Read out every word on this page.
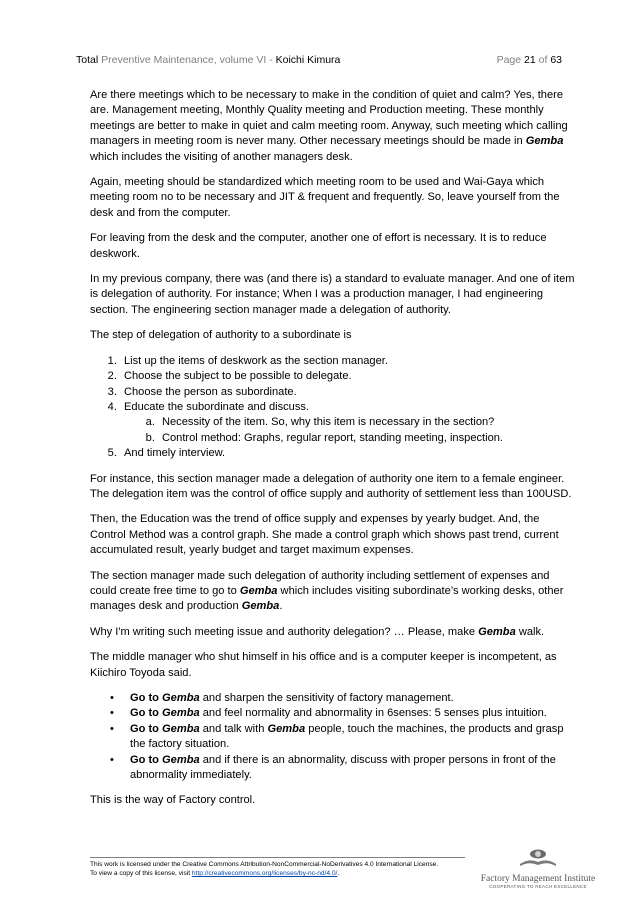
Total Preventive Maintenance, volume VI - Koichi Kimura	Page 21 of 63

Are there meetings which to be necessary to make in the condition of quiet and calm? Yes, there are. Management meeting, Monthly Quality meeting and Production meeting. These monthly meetings are better to make in quiet and calm meeting room. Anyway, such meeting which calling managers in meeting room is never many. Other necessary meetings should be made in Gemba which includes the visiting of another managers desk.

Again, meeting should be standardized which meeting room to be used and Wai-Gaya which meeting room no to be necessary and JIT & frequent and frequently. So, leave yourself from the desk and from the computer.

For leaving from the desk and the computer, another one of effort is necessary. It is to reduce deskwork.

In my previous company, there was (and there is) a standard to evaluate manager. And one of item is delegation of authority. For instance; When I was a production manager, I had engineering section. The engineering section manager made a delegation of authority.

The step of delegation of authority to a subordinate is

1. List up the items of deskwork as the section manager.
2. Choose the subject to be possible to delegate.
3. Choose the person as subordinate.
4. Educate the subordinate and discuss.
a. Necessity of the item. So, why this item is necessary in the section?
b. Control method: Graphs, regular report, standing meeting, inspection.
5. And timely interview.

For instance, this section manager made a delegation of authority one item to a female engineer. The delegation item was the control of office supply and authority of settlement less than 100USD.

Then, the Education was the trend of office supply and expenses by yearly budget. And, the Control Method was a control graph. She made a control graph which shows past trend, current accumulated result, yearly budget and target maximum expenses.

The section manager made such delegation of authority including settlement of expenses and could create free time to go to Gemba which includes visiting subordinate’s working desks, other manages desk and production Gemba.

Why I'm writing such meeting issue and authority delegation? … Please, make Gemba walk.

The middle manager who shut himself in his office and is a computer keeper is incompetent, as Kiichiro Toyoda said.

• Go to Gemba and sharpen the sensitivity of factory management.
• Go to Gemba and feel normality and abnormality in 6senses: 5 senses plus intuition.
• Go to Gemba and talk with Gemba people, touch the machines, the products and grasp the factory situation.
• Go to Gemba and if there is an abnormality, discuss with proper persons in front of the abnormality immediately.

This is the way of Factory control.

This work is licensed under the Creative Commons Attribution-NonCommercial-NoDerivatives 4.0 International License.
To view a copy of this license, visit http://creativecommons.org/licenses/by-nc-nd/4.0/.
Factory Management Institute
COOPERATING TO REACH EXCELLENCE
